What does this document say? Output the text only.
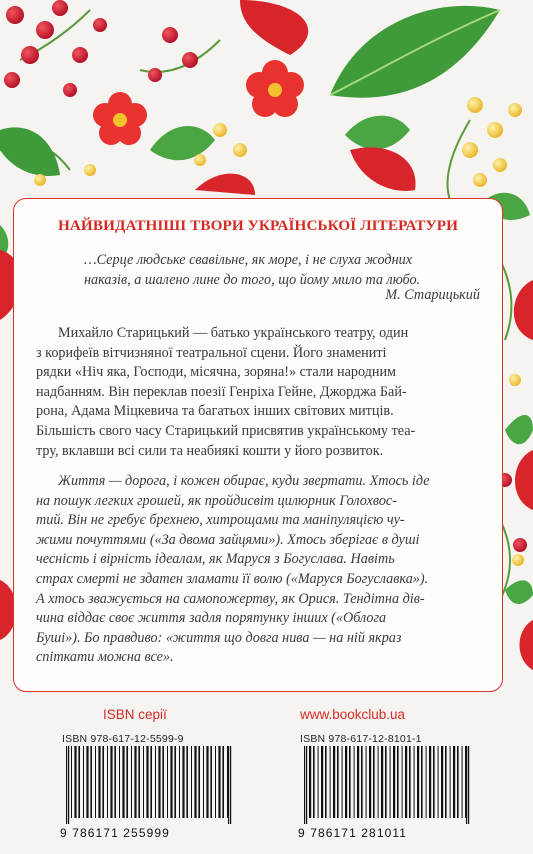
НАЙВИДАТНІШІ ТВОРИ УКРАЇНСЬКОЇ ЛІТЕРАТУРИ
…Серце людське свавільне, як море, і не слуха жодних
наказів, а шалено лине до того, що йому мило та любо.
М. Старицький
Михайло Старицький — батько українського театру, один
з корифеїв вітчизняної театральної сцени. Його знамениті
рядки «Ніч яка, Господи, місячна, зоряна!» стали народним
надбанням. Він переклав поезії Генріха Гейне, Джорджа Бай-
рона, Адама Міцкевича та багатьох інших світових митців.
Більшість свого часу Старицький присвятив українському теа-
тру, вклавши всі сили та неабиякі кошти у його розвиток.
Життя — дорога, і кожен обирає, куди звертати. Хтось іде
на пошук легких грошей, як пройдисвіт цилюрник Голохвос-
тий. Він не гребує брехнею, хитрощами та маніпуляцією чу-
жими почуттями («За двома зайцями»). Хтось зберігає в душі
чесність і вірність ідеалам, як Маруся з Богуслава. Навіть
страх смерті не здатен зламати її волю («Маруся Богуславка»).
А хтось зважується на самопожертву, як Орися. Тендітна дів-
чина віддає своє життя задля порятунку інших («Облога
Буші»). Бо правдиво: «життя що довга нива — на ній якраз
спіткати можна все».
ISBN серії	www.bookclub.ua
ISBN 978-617-12-5599-9	ISBN 978-617-12-8101-1
9 786171 255999	9 786171 281011
